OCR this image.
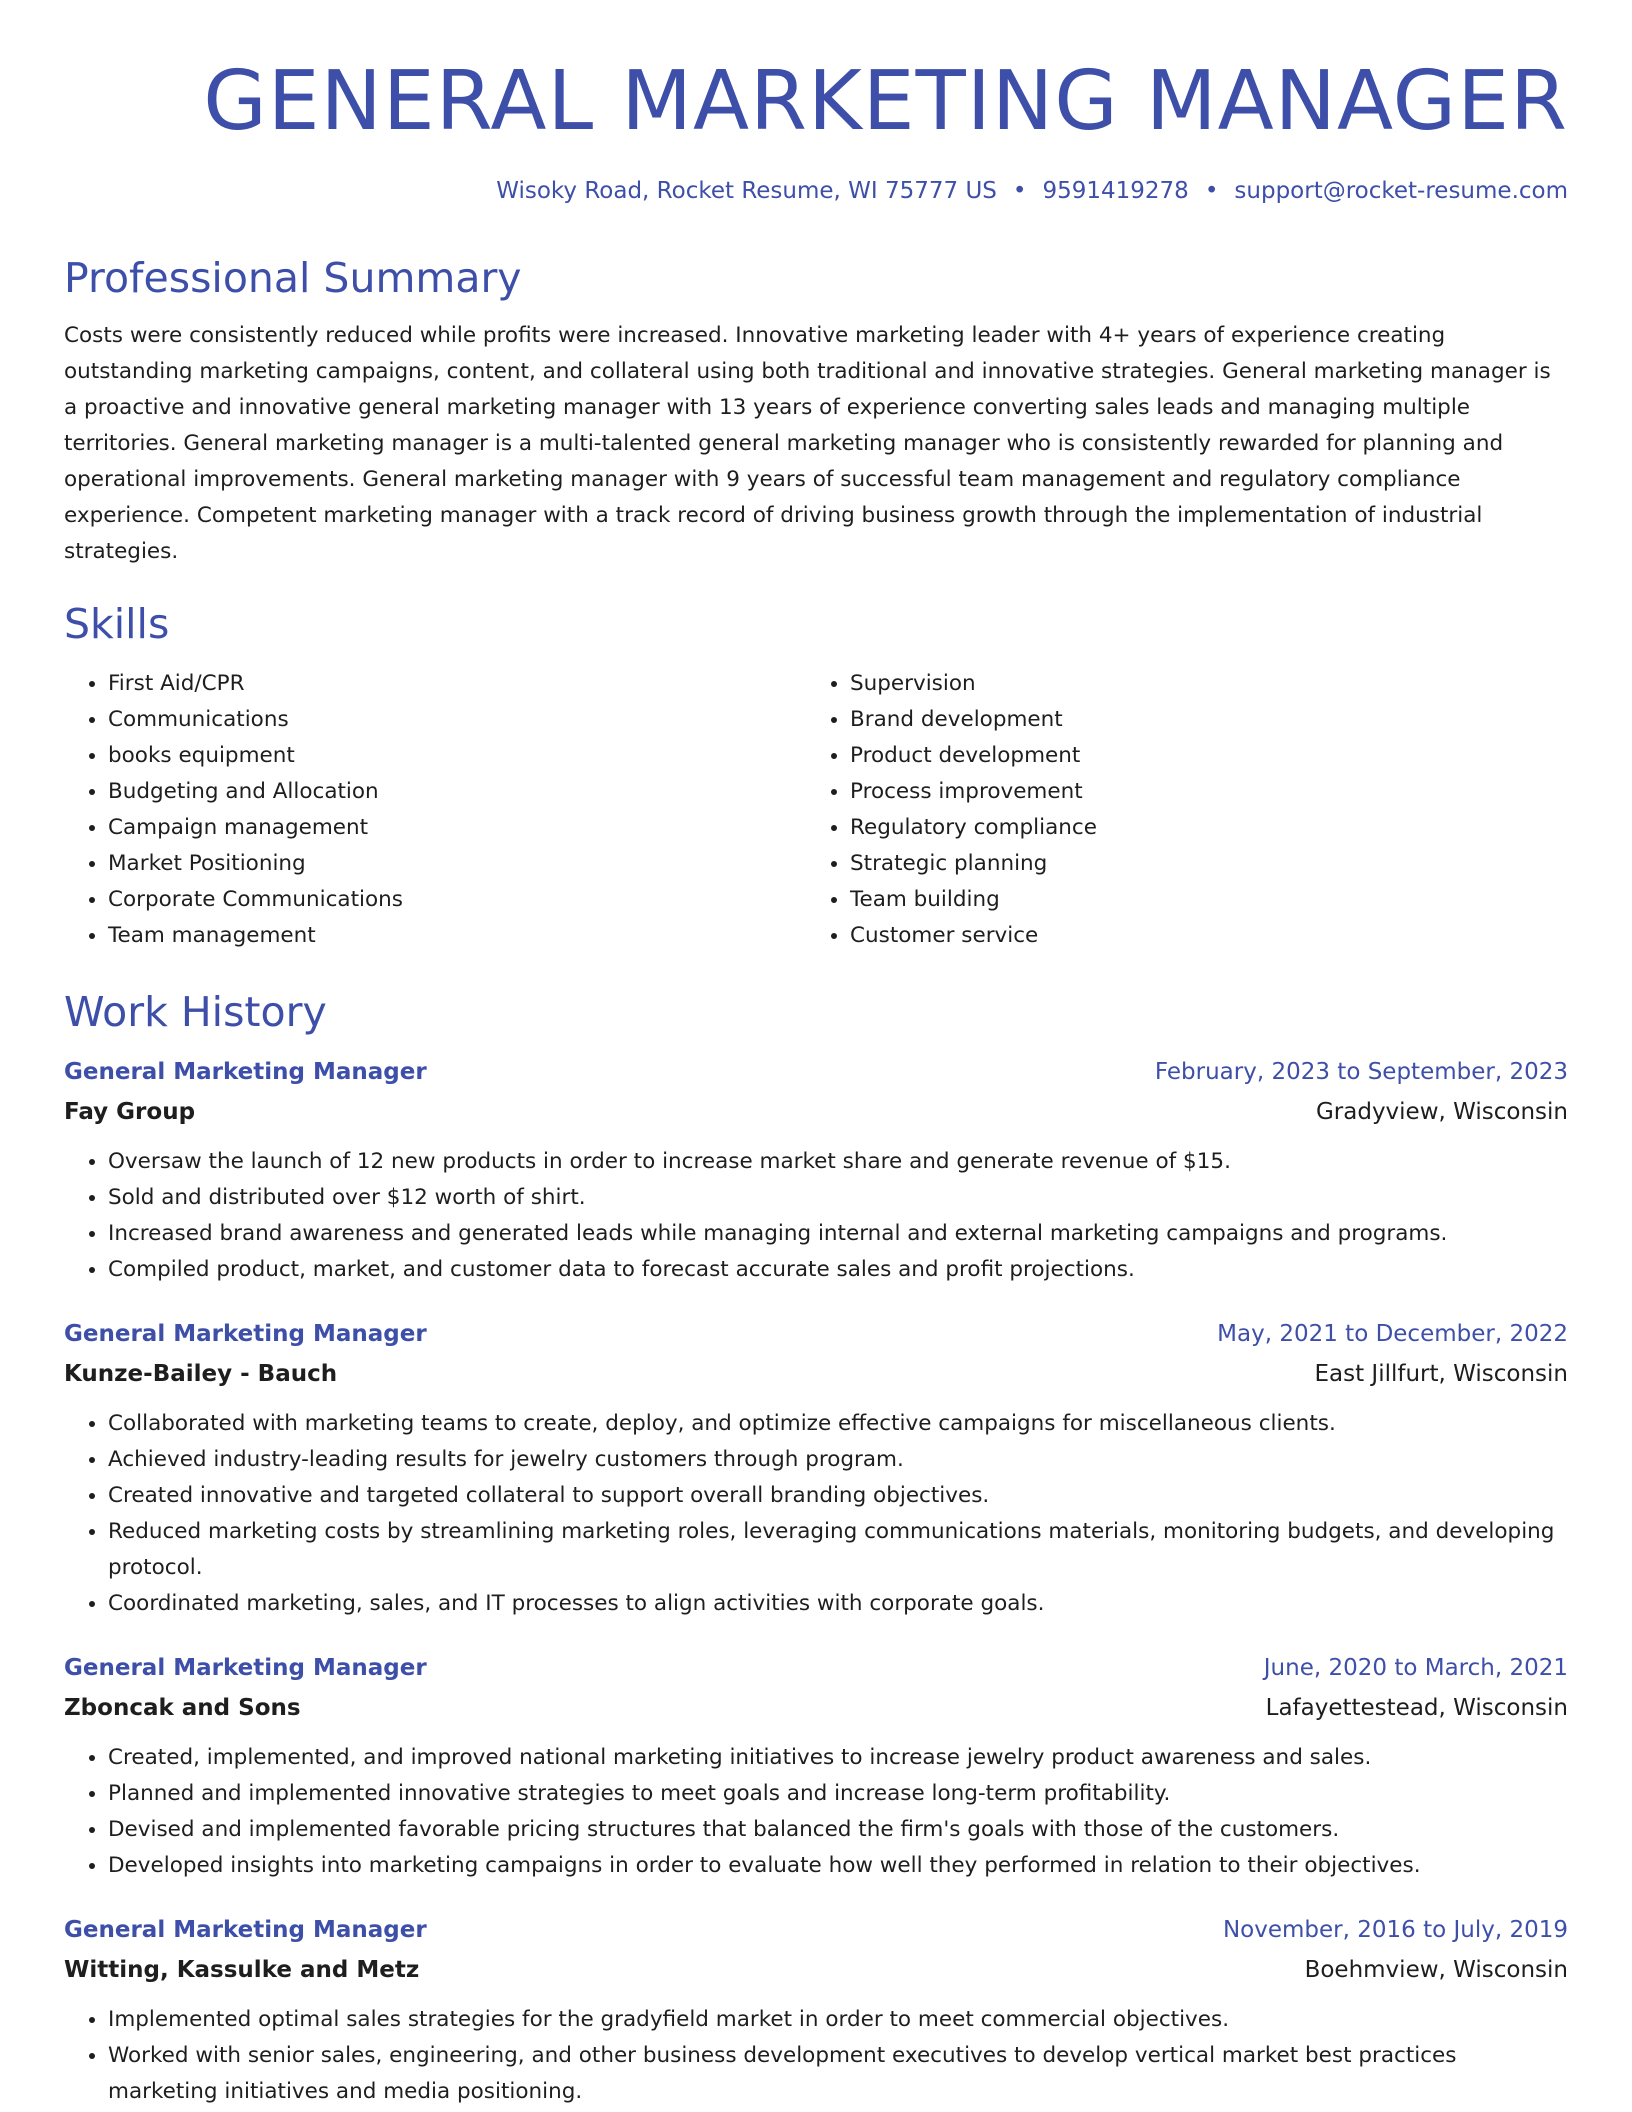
GENERAL MARKETING MANAGER
Wisoky Road, Rocket Resume, WI 75777 US • 9591419278 • support@rocket-resume.com
Professional Summary
Costs were consistently reduced while profits were increased. Innovative marketing leader with 4+ years of experience creating outstanding marketing campaigns, content, and collateral using both traditional and innovative strategies. General marketing manager is a proactive and innovative general marketing manager with 13 years of experience converting sales leads and managing multiple territories. General marketing manager is a multi-talented general marketing manager who is consistently rewarded for planning and operational improvements. General marketing manager with 9 years of successful team management and regulatory compliance experience. Competent marketing manager with a track record of driving business growth through the implementation of industrial strategies.
Skills
• First Aid/CPR
• Communications
• books equipment
• Budgeting and Allocation
• Campaign management
• Market Positioning
• Corporate Communications
• Team management
• Supervision
• Brand development
• Product development
• Process improvement
• Regulatory compliance
• Strategic planning
• Team building
• Customer service
Work History
General Marketing Manager	February, 2023 to September, 2023
Fay Group	Gradyview, Wisconsin
• Oversaw the launch of 12 new products in order to increase market share and generate revenue of $15.
• Sold and distributed over $12 worth of shirt.
• Increased brand awareness and generated leads while managing internal and external marketing campaigns and programs.
• Compiled product, market, and customer data to forecast accurate sales and profit projections.
General Marketing Manager	May, 2021 to December, 2022
Kunze-Bailey - Bauch	East Jillfurt, Wisconsin
• Collaborated with marketing teams to create, deploy, and optimize effective campaigns for miscellaneous clients.
• Achieved industry-leading results for jewelry customers through program.
• Created innovative and targeted collateral to support overall branding objectives.
• Reduced marketing costs by streamlining marketing roles, leveraging communications materials, monitoring budgets, and developing protocol.
• Coordinated marketing, sales, and IT processes to align activities with corporate goals.
General Marketing Manager	June, 2020 to March, 2021
Zboncak and Sons	Lafayettestead, Wisconsin
• Created, implemented, and improved national marketing initiatives to increase jewelry product awareness and sales.
• Planned and implemented innovative strategies to meet goals and increase long-term profitability.
• Devised and implemented favorable pricing structures that balanced the firm's goals with those of the customers.
• Developed insights into marketing campaigns in order to evaluate how well they performed in relation to their objectives.
General Marketing Manager	November, 2016 to July, 2019
Witting, Kassulke and Metz	Boehmview, Wisconsin
• Implemented optimal sales strategies for the gradyfield market in order to meet commercial objectives.
• Worked with senior sales, engineering, and other business development executives to develop vertical market best practices marketing initiatives and media positioning.
